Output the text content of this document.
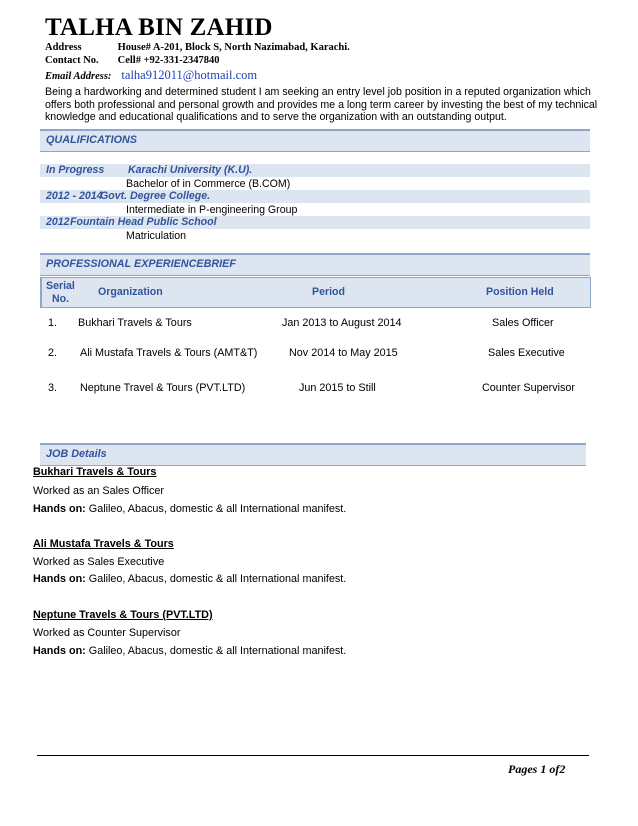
TALHA BIN ZAHID
Address	House# A-201, Block S, North Nazimabad, Karachi.
Contact No. Cell# +92-331-2347840
Email Address: talha912011@hotmail.com
Being a hardworking and determined student I am seeking an entry level job position in a reputed organization which offers both professional and personal growth and provides me a long term career by investing the best of my technical knowledge and educational qualifications and to serve the organization with an outstanding output.
QUALIFICATIONS
In Progress Karachi University (K.U).
Bachelor of in Commerce (B.COM)
2012 - 2014
Govt. Degree College.
Intermediate in P-engineering Group
2012 Fountain Head Public School
Matriculation
PROFESSIONAL EXPERIENCEBRIEF
Serial
No.
Organization	Period	Position Held
1. Bukhari Travels & Tours	Jan 2013 to August 2014	Sales Officer
2. Ali Mustafa Travels & Tours (AMT&T)	Nov 2014 to May 2015	Sales Executive
3. Neptune Travel & Tours (PVT.LTD)	Jun 2015 to Still	Counter Supervisor
JOB Details
Bukhari Travels & Tours
Worked as an Sales Officer
Hands on: Galileo, Abacus, domestic & all International manifest.
Ali Mustafa Travels & Tours
Worked as Sales Executive
Hands on: Galileo, Abacus, domestic & all International manifest.
Neptune Travels & Tours (PVT.LTD)
Worked as Counter Supervisor
Hands on: Galileo, Abacus, domestic & all International manifest.
Pages 1 of2
